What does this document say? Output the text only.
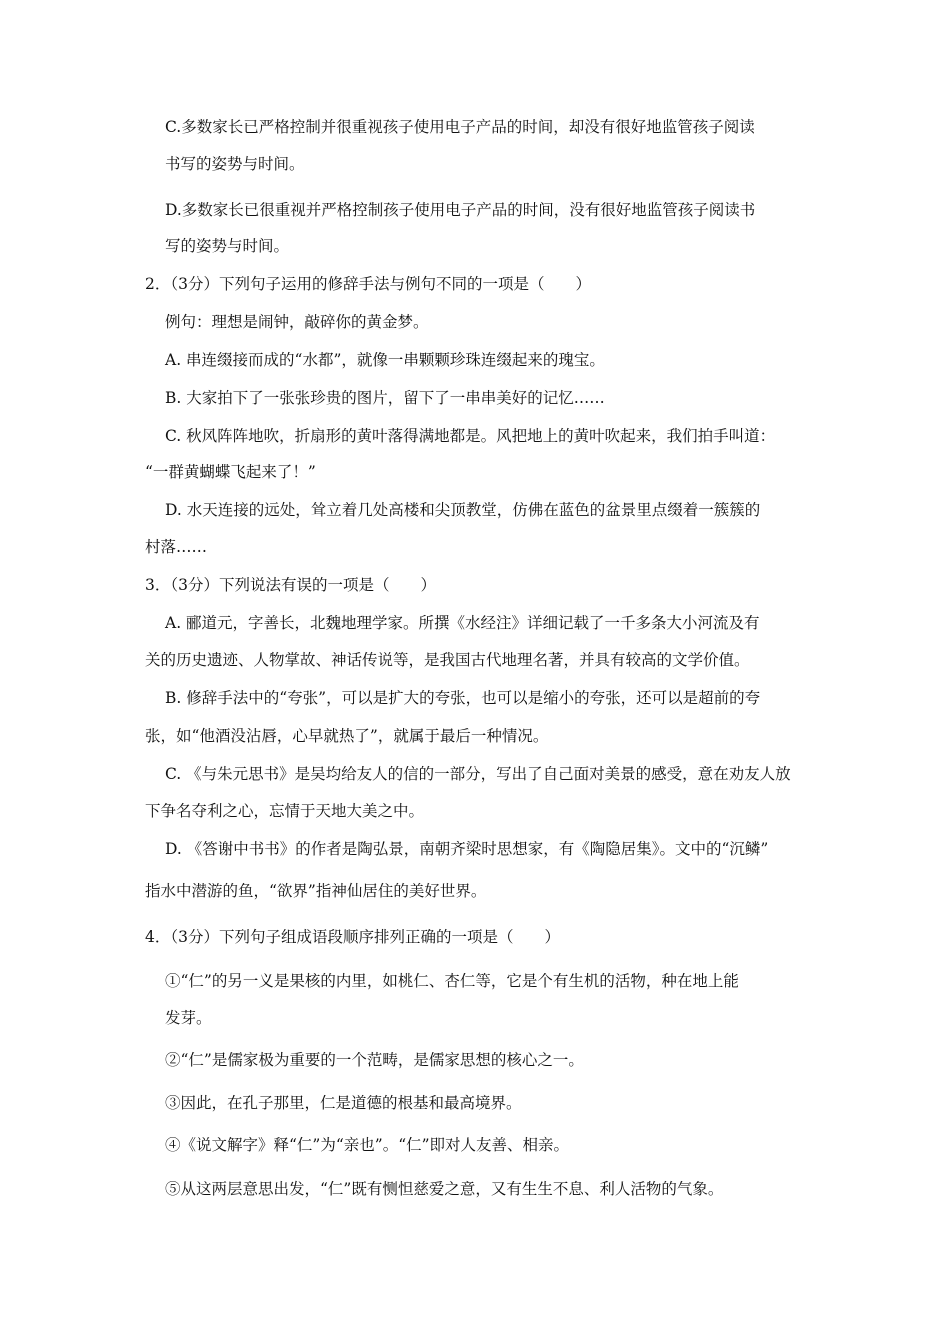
C.多数家长已严格控制并很重视孩子使用电子产品的时间，却没有很好地监管孩子阅读
书写的姿势与时间。
D.多数家长已很重视并严格控制孩子使用电子产品的时间，没有很好地监管孩子阅读书
写的姿势与时间。
2．（3分）下列句子运用的修辞手法与例句不同的一项是（　　）
例句：理想是闹钟，敲碎你的黄金梦。
A. 串连缀接而成的“水都”，就像一串颗颗珍珠连缀起来的瑰宝。
B. 大家拍下了一张张珍贵的图片，留下了一串串美好的记忆……
C. 秋风阵阵地吹，折扇形的黄叶落得满地都是。风把地上的黄叶吹起来，我们拍手叫道：
“一群黄蝴蝶飞起来了！”
D. 水天连接的远处，耸立着几处高楼和尖顶教堂，仿佛在蓝色的盆景里点缀着一簇簇的
村落……
3．（3分）下列说法有误的一项是（　　）
A. 郦道元，字善长，北魏地理学家。所撰《水经注》详细记载了一千多条大小河流及有
关的历史遗迹、人物掌故、神话传说等，是我国古代地理名著，并具有较高的文学价值。
B. 修辞手法中的“夸张”，可以是扩大的夸张，也可以是缩小的夸张，还可以是超前的夸
张，如“他酒没沾唇，心早就热了”，就属于最后一种情况。
C. 《与朱元思书》是吴均给友人的信的一部分，写出了自己面对美景的感受，意在劝友人放
下争名夺利之心，忘情于天地大美之中。
D. 《答谢中书书》的作者是陶弘景，南朝齐梁时思想家，有《陶隐居集》。文中的“沉鳞”
指水中潜游的鱼，“欲界”指神仙居住的美好世界。
4．（3分）下列句子组成语段顺序排列正确的一项是（　　）
①“仁”的另一义是果核的内里，如桃仁、杏仁等，它是个有生机的活物，种在地上能
发芽。
②“仁”是儒家极为重要的一个范畴，是儒家思想的核心之一。
③因此，在孔子那里，仁是道德的根基和最高境界。
④《说文解字》释“仁”为“亲也”。“仁”即对人友善、相亲。
⑤从这两层意思出发，“仁”既有恻怛慈爱之意，又有生生不息、利人活物的气象。
